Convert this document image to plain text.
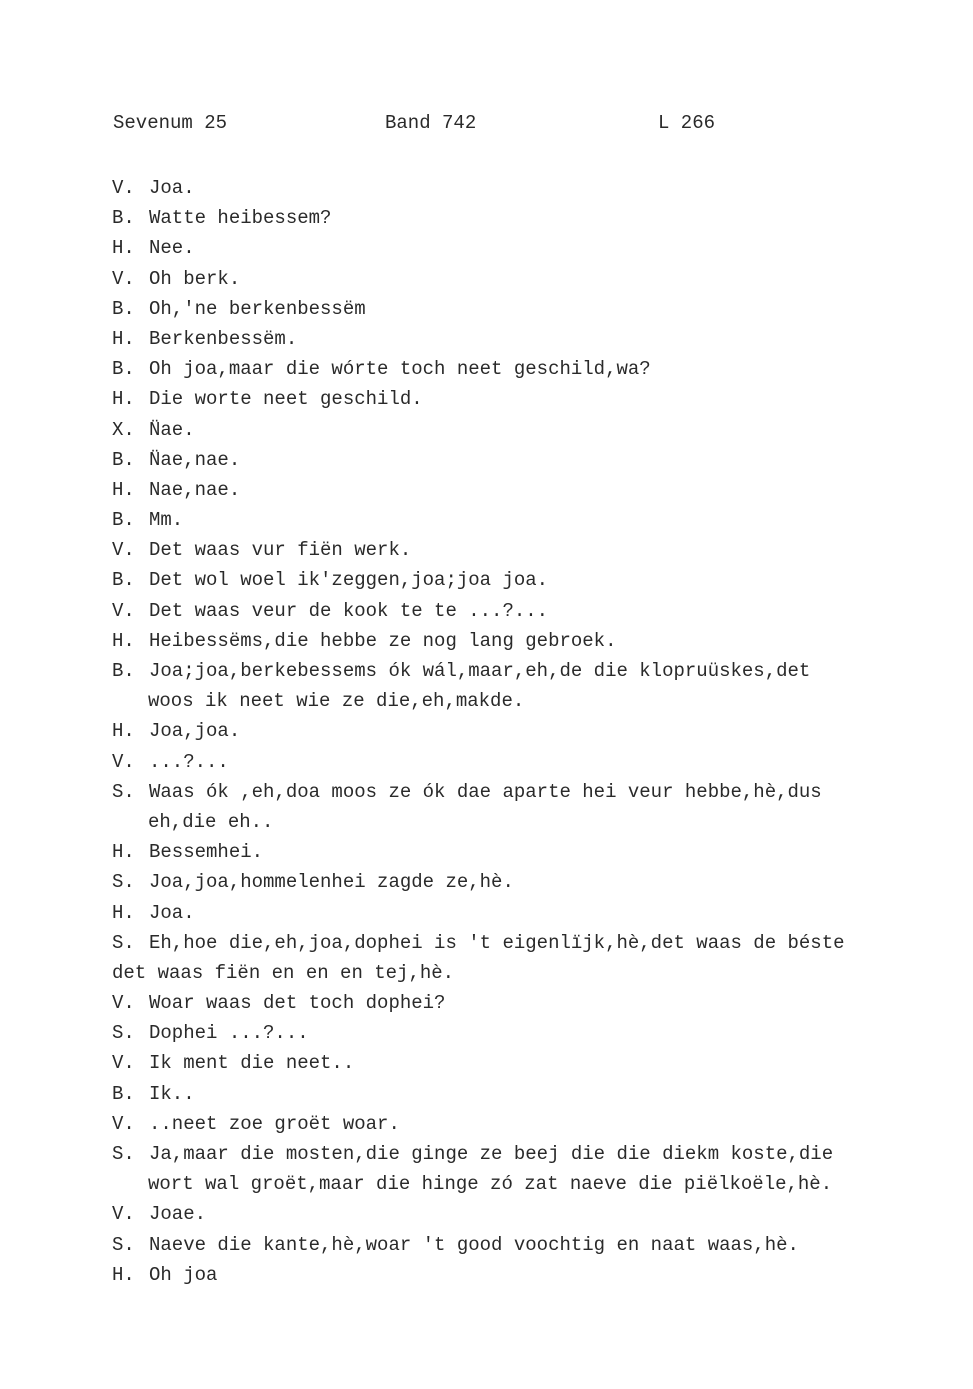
Sevenum 25	Band 742	L 266
V. Joa.
B. Watte heibessem?
H. Nee.
V. Oh berk.
B. Oh,'ne berkenbessëm
H. Berkenbessëm.
B. Oh joa,maar die wórte toch neet geschild,wa?
H. Die worte neet geschild.
X. N̈ae.
B. N̈ae,nae.
H. Nae,nae.
B. Mm.
V. Det waas vur fiën werk.
B. Det wol woel ik'zeggen,joa;joa joa.
V. Det waas veur de kook te te ...?...
H. Heibessëms,die hebbe ze nog lang gebroek.
B. Joa;joa,berkebessems ók wál,maar,eh,de die klopruüskes,det
woos ik neet wie ze die,eh,makde.
H. Joa,joa.
V. ...?...
S. Waas ók ,eh,doa moos ze ók dae aparte hei veur hebbe,hè,dus
eh,die eh..
H. Bessemhei.
S. Joa,joa,hommelenhei zagde ze,hè.
H. Joa.
S. Eh,hoe die,eh,joa,dophei is 't eigenlïjk,hè,det waas de béste
det waas fiën en en en tej,hè.
V. Woar waas det toch dophei?
S. Dophei ...?...
V. Ik ment die neet..
B. Ik..
V. ..neet zoe groët woar.
S. Ja,maar die mosten,die ginge ze beej die die diekm koste,die
wort wal groët,maar die hinge zó zat naeve die piëlkoële,hè.
V. Joae.
S. Naeve die kante,hè,woar 't good voochtig en naat waas,hè.
H. Oh joa
